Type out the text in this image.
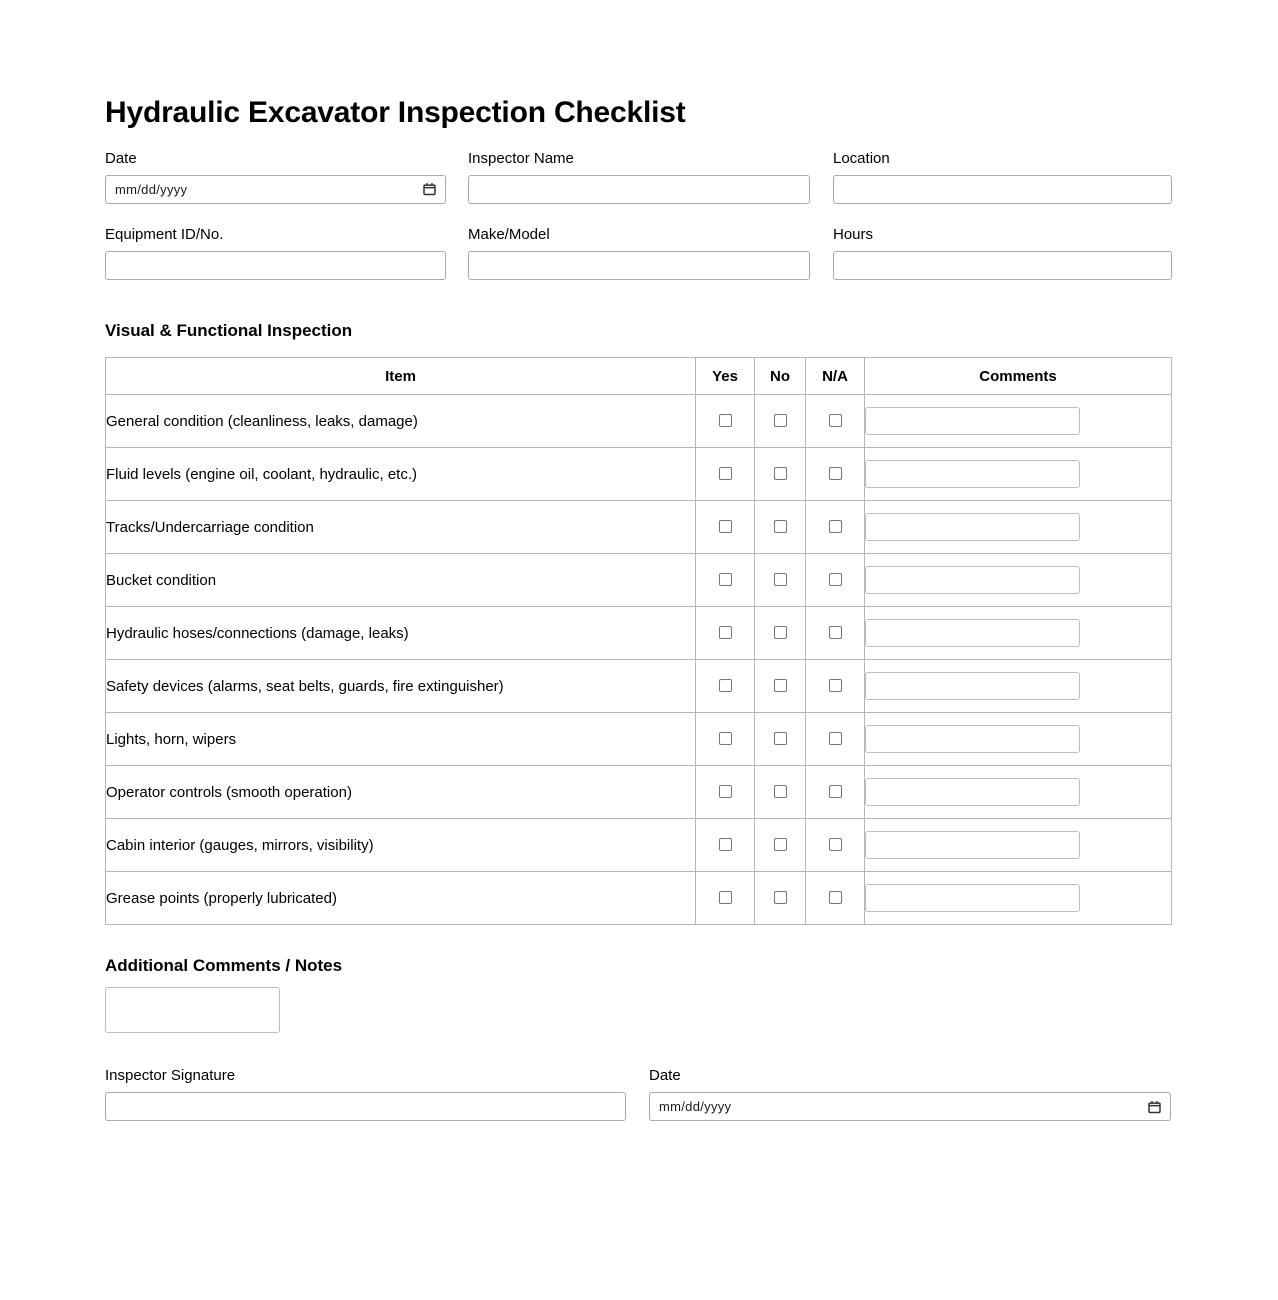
Hydraulic Excavator Inspection Checklist
Date
mm/dd/yyyy
Inspector Name	Location
Equipment ID/No.	Make/Model	Hours
Visual & Functional Inspection
Item	Yes	No	N/A	Comments
General condition (cleanliness, leaks, damage)				
Fluid levels (engine oil, coolant, hydraulic, etc.)				
Tracks/Undercarriage condition				
Bucket condition				
Hydraulic hoses/connections (damage, leaks)				
Safety devices (alarms, seat belts, guards, fire extinguisher)				
Lights, horn, wipers				
Operator controls (smooth operation)				
Cabin interior (gauges, mirrors, visibility)				
Grease points (properly lubricated)				
Additional Comments / Notes
Inspector Signature	Date
mm/dd/yyyy
